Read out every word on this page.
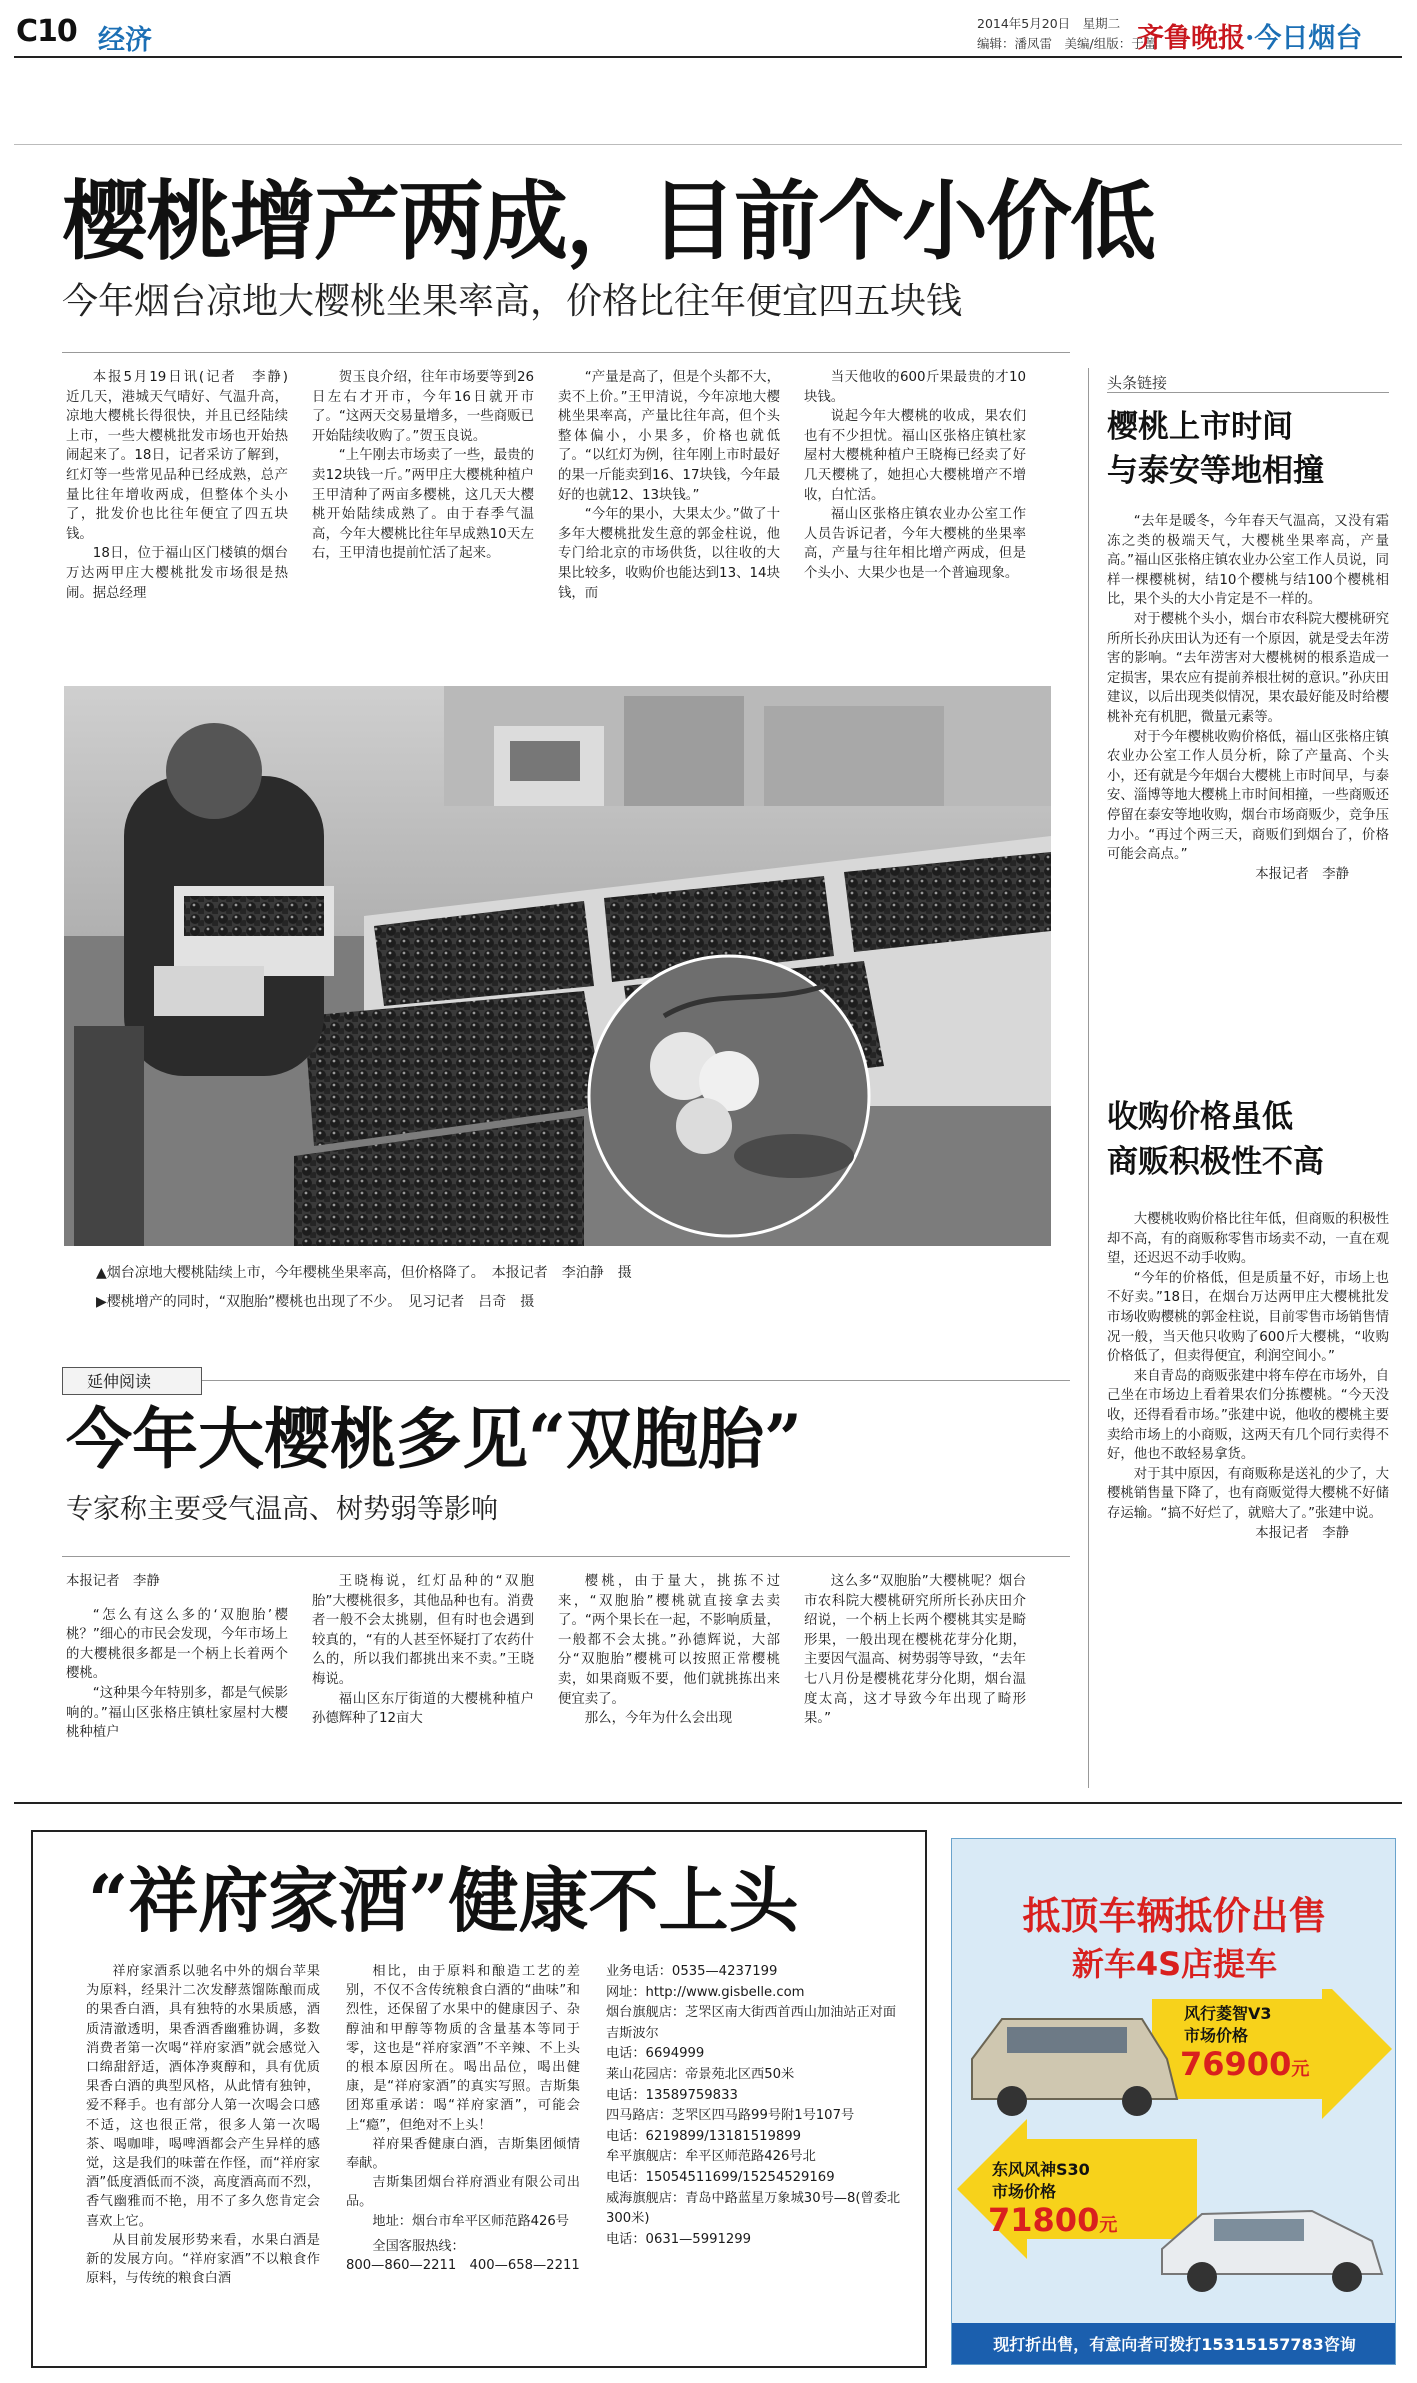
C10 经济
2014年5月20日　星期二
编辑：潘凤雷　美编/组版：于蕾
齐鲁晚报·今日烟台
樱桃增产两成，目前个小价低
今年烟台凉地大樱桃坐果率高，价格比往年便宜四五块钱

本报5月19日讯(记者　李静)　近几天，港城天气晴好、气温升高，凉地大樱桃长得很快，并且已经陆续上市，一些大樱桃批发市场也开始热闹起来了。18日，记者采访了解到，红灯等一些常见品种已经成熟，总产量比往年增收两成，但整体个头小了，批发价也比往年便宜了四五块钱。

18日，位于福山区门楼镇的烟台万达两甲庄大樱桃批发市场很是热闹。据总经理

贺玉良介绍，往年市场要等到26日左右才开市，今年16日就开市了。“这两天交易量增多，一些商贩已开始陆续收购了。”贺玉良说。

“上午刚去市场卖了一些，最贵的卖12块钱一斤。”两甲庄大樱桃种植户王甲清种了两亩多樱桃，这几天大樱桃开始陆续成熟了。由于春季气温高，今年大樱桃比往年早成熟10天左右，王甲清也提前忙活了起来。

“产量是高了，但是个头都不大，卖不上价。”王甲清说，今年凉地大樱桃坐果率高，产量比往年高，但个头整体偏小，小果多，价格也就低了。“以红灯为例，往年刚上市时最好的果一斤能卖到16、17块钱，今年最好的也就12、13块钱。”

“今年的果小，大果太少。”做了十多年大樱桃批发生意的郭金柱说，他专门给北京的市场供货，以往收的大果比较多，收购价也能达到13、14块钱，而

当天他收的600斤果最贵的才10块钱。

说起今年大樱桃的收成，果农们也有不少担忧。福山区张格庄镇杜家屋村大樱桃种植户王晓梅已经卖了好几天樱桃了，她担心大樱桃增产不增收，白忙活。

福山区张格庄镇农业办公室工作人员告诉记者，今年大樱桃的坐果率高，产量与往年相比增产两成，但是个头小、大果少也是一个普遍现象。

▲烟台凉地大樱桃陆续上市，今年樱桃坐果率高，但价格降了。　本报记者　李泊静　摄
▶樱桃增产的同时，“双胞胎”樱桃也出现了不少。　见习记者　吕奇　摄
头条链接
樱桃上市时间
与泰安等地相撞

“去年是暖冬，今年春天气温高，又没有霜冻之类的极端天气，大樱桃坐果率高，产量高。”福山区张格庄镇农业办公室工作人员说，同样一棵樱桃树，结10个樱桃与结100个樱桃相比，果个头的大小肯定是不一样的。

对于樱桃个头小，烟台市农科院大樱桃研究所所长孙庆田认为还有一个原因，就是受去年涝害的影响。“去年涝害对大樱桃树的根系造成一定损害，果农应有提前养根壮树的意识。”孙庆田建议，以后出现类似情况，果农最好能及时给樱桃补充有机肥，微量元素等。

对于今年樱桃收购价格低，福山区张格庄镇农业办公室工作人员分析，除了产量高、个头小，还有就是今年烟台大樱桃上市时间早，与泰安、淄博等地大樱桃上市时间相撞，一些商贩还停留在泰安等地收购，烟台市场商贩少，竞争压力小。“再过个两三天，商贩们到烟台了，价格可能会高点。”

本报记者　李静
收购价格虽低
商贩积极性不高

大樱桃收购价格比往年低，但商贩的积极性却不高，有的商贩称零售市场卖不动，一直在观望，还迟迟不动手收购。

“今年的价格低，但是质量不好，市场上也不好卖。”18日，在烟台万达两甲庄大樱桃批发市场收购樱桃的郭金柱说，目前零售市场销售情况一般，当天他只收购了600斤大樱桃，“收购价格低了，但卖得便宜，利润空间小。”

来自青岛的商贩张建中将车停在市场外，自己坐在市场边上看着果农们分拣樱桃。“今天没收，还得看看市场。”张建中说，他收的樱桃主要卖给市场上的小商贩，这两天有几个同行卖得不好，他也不敢轻易拿货。

对于其中原因，有商贩称是送礼的少了，大樱桃销售量下降了，也有商贩觉得大樱桃不好储存运输。“搞不好烂了，就赔大了。”张建中说。

本报记者　李静
延伸阅读
今年大樱桃多见“双胞胎”
专家称主要受气温高、树势弱等影响
本报记者　李静

“怎么有这么多的‘双胞胎’樱桃？”细心的市民会发现，今年市场上的大樱桃很多都是一个柄上长着两个樱桃。

“这种果今年特别多，都是气候影响的。”福山区张格庄镇杜家屋村大樱桃种植户

王晓梅说，红灯品种的“双胞胎”大樱桃很多，其他品种也有。消费者一般不会太挑剔，但有时也会遇到较真的，“有的人甚至怀疑打了农药什么的，所以我们都挑出来不卖。”王晓梅说。

福山区东厅街道的大樱桃种植户孙德辉种了12亩大

樱桃，由于量大，挑拣不过来，“双胞胎”樱桃就直接拿去卖了。“两个果长在一起，不影响质量，一般都不会太挑。”孙德辉说，大部分“双胞胎”樱桃可以按照正常樱桃卖，如果商贩不要，他们就挑拣出来便宜卖了。

那么，今年为什么会出现

这么多“双胞胎”大樱桃呢？烟台市农科院大樱桃研究所所长孙庆田介绍说，一个柄上长两个樱桃其实是畸形果，一般出现在樱桃花芽分化期，主要因气温高、树势弱等导致，“去年七八月份是樱桃花芽分化期，烟台温度太高，这才导致今年出现了畸形果。”

“祥府家酒”健康不上头

祥府家酒系以驰名中外的烟台苹果为原料，经果汁二次发酵蒸馏陈酿而成的果香白酒，具有独特的水果质感，酒质清澈透明，果香酒香幽雅协调，多数消费者第一次喝“祥府家酒”就会感觉入口绵甜舒适，酒体净爽醇和，具有优质果香白酒的典型风格，从此情有独钟，爱不释手。也有部分人第一次喝会口感不适，这也很正常，很多人第一次喝茶、喝咖啡，喝啤酒都会产生异样的感觉，这是我们的味蕾在作怪，而“祥府家酒”低度酒低而不淡，高度酒高而不烈，香气幽雅而不艳，用不了多久您肯定会喜欢上它。

从目前发展形势来看，水果白酒是新的发展方向。“祥府家酒”不以粮食作原料，与传统的粮食白酒

相比，由于原料和酿造工艺的差别，不仅不含传统粮食白酒的“曲味”和烈性，还保留了水果中的健康因子、杂醇油和甲醇等物质的含量基本等同于零，这也是“祥府家酒”不辛辣、不上头的根本原因所在。喝出品位，喝出健康，是“祥府家酒”的真实写照。吉斯集团郑重承诺：喝“祥府家酒”，可能会上“瘾”，但绝对不上头！

祥府果香健康白酒，吉斯集团倾情奉献。

吉斯集团烟台祥府酒业有限公司出品。

地址：烟台市牟平区师范路426号

全国客服热线：
800—860—2211　400—658—2211
业务电话：0535—4237199
网址：http://www.gisbelle.com
烟台旗舰店：芝罘区南大街西首西山加油站正对面吉斯波尔
电话：6694999
莱山花园店：帝景苑北区西50米
电话：13589759833
四马路店：芝罘区四马路99号附1号107号
电话：6219899/13181519899
牟平旗舰店：牟平区师范路426号北
电话：15054511699/15254529169
威海旗舰店：青岛中路蓝星万象城30号—8(曾委北300米)
电话：0631—5991299
抵顶车辆抵价出售
新车4S店提车
风行菱智V3
市场价格
76900元
东风风神S30
市场价格
71800元
现打折出售，有意向者可拨打15315157783咨询
